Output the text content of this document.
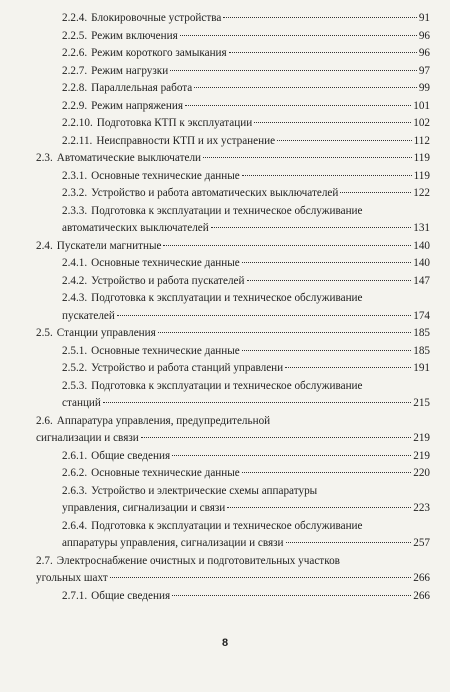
2.2.4. Блокировочные устройства	91
2.2.5. Режим включения	96
2.2.6. Режим короткого замыкания	96
2.2.7. Режим нагрузки	97
2.2.8. Параллельная работа	99
2.2.9. Режим напряжения	101
2.2.10. Подготовка КТП к эксплуатации	102
2.2.11. Неисправности КТП и их устранение	112
2.3. Автоматические выключатели	119
2.3.1. Основные технические данные	119
2.3.2. Устройство и работа автоматических выключателей	122
2.3.3. Подготовка к эксплуатации и техническое обслуживание
автоматических выключателей	131
2.4. Пускатели магнитные	140
2.4.1. Основные технические данные	140
2.4.2. Устройство и работа пускателей	147
2.4.3. Подготовка к эксплуатации и техническое обслуживание
пускателей	174
2.5. Станции управления	185
2.5.1. Основные технические данные	185
2.5.2. Устройство и работа станций управлени	191
2.5.3. Подготовка к эксплуатации и техническое обслуживание
станций	215
2.6. Аппаратура управления, предупредительной
сигнализации и связи	219
2.6.1. Общие сведения	219
2.6.2. Основные технические данные	220
2.6.3. Устройство и электрические схемы аппаратуры
управления, сигнализации и связи	223
2.6.4. Подготовка к эксплуатации и техническое обслуживание
аппаратуры управления, сигнализации и связи	257
2.7. Электроснабжение очистных и подготовительных участков
угольных шахт	266
2.7.1. Общие сведения	266
8
